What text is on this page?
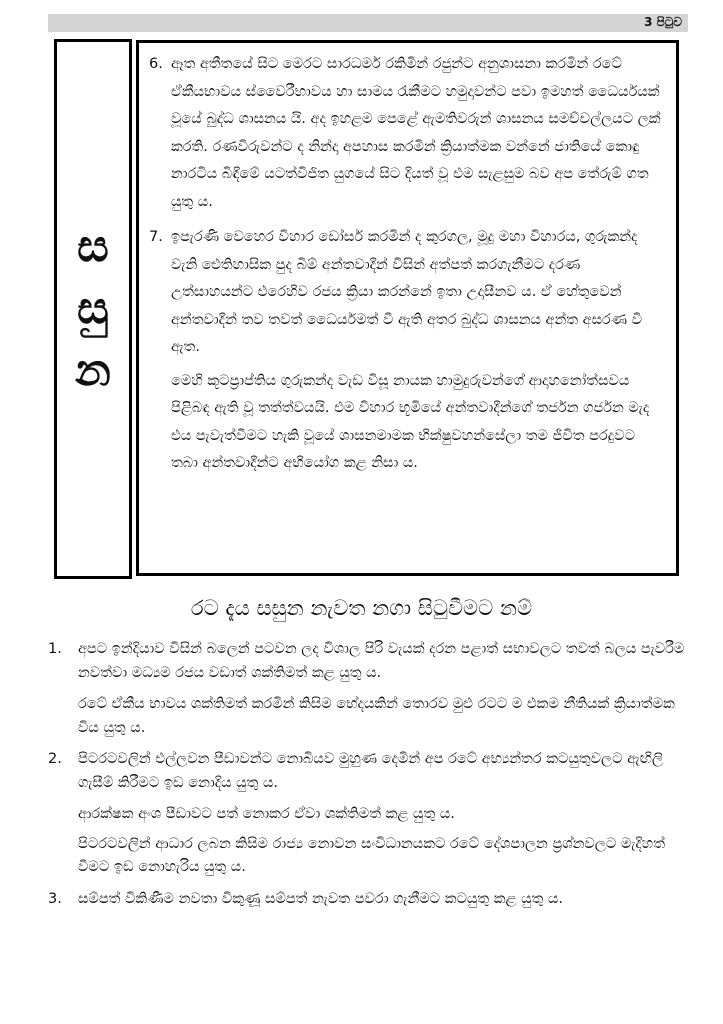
3 පිටුව
ස
සු
න
6. ඈත අතීතයේ සිට මෙරට සාරධර්ම රකිමින් රජුන්ට අනුශාසනා කරමින් රටේ ඒකීයභාවය ස්වෛරීභාවය හා සාමය රැකීමට හමුදාවන්ට පවා ඉමහත් ධෛර්යයක් වූයේ බුද්ධ ශාසනය යි. අද ඉහළම පෙළේ ඇමතිවරුන් ශාසනය සමච්චල්ලයට ලක් කරති. රණවිරුවන්ට ද නින්දා අපහාස කරමින් ක්‍රියාත්මක වන්නේ ජාතියේ කොඳු නාරටිය බිඳීමේ යටත්විජිත යුගයේ සිට දියත් වූ එම සැළසුම බව අප තේරුම් ගත යුතු ය.
7. ඉපැරණි වෙහෙර විහාර ඩෝසර් කරමින් ද කුරගල, මූදු මහා විහාරය, ගුරුකන්ද වැනි ඓතිහාසික පුද බිම් අන්තවාදීන් විසින් අත්පත් කරගැනීමට දරණ උත්සාහයන්ට එරෙහිව රජය ක්‍රියා කරන්නේ ඉතා උදාසීනව ය. ඒ හේතුවෙන් අන්තවාදීන් තව තවත් ධෛර්යමත් වී ඇති අතර බුද්ධ ශාසනය අන්ත අසරණ වී ඇත.
මෙහි කූටප්‍රාප්තිය ගුරුකන්ද වැඩ විසූ නායක හාමුදුරුවන්ගේ ආදාහනෝත්සවය පිළිබඳ ඇති වූ තත්ත්වයයි. එම විහාර භූමියේ අන්තවාදීන්ගේ තර්ජන ගර්ජන මැද එය පැවැත්වීමට හැකි වූයේ ශාසනමාමක භික්ෂුවහන්සේලා තම ජීවිත පරදුවට තබා අන්තවාදීන්ට අභියෝග කළ නිසා ය.
රට දැය සසුන නැවත නගා සිටුවීමට නම්
1.	අපට ඉන්දියාව විසින් බලෙන් පටවන ලද විශාල පිරි වැයක් දරන පළාත් සභාවලට තවත් බලය පැවරීම නවත්වා මධ්‍යම රජය වඩාත් ශක්තිමත් කළ යුතු ය.
රටේ ඒකීය භාවය ශක්තිමත් කරමින් කිසිම භේදයකින් තොරව මුළු රටට ම එකම නීතියක් ක්‍රියාත්මක විය යුතු ය.
2.	පිටරටවලින් එල්ලවන පීඩාවන්ට නොබියව මුහුණ දෙමින් අප රටේ අභ්‍යන්තර කටයුතුවලට ඇඟිලි ගැසීම් කිරීමට ඉඩ නොදිය යුතු ය.
ආරක්ෂක අංශ පීඩාවට පත් නොකර ඒවා ශක්තිමත් කළ යුතු ය.
පිටරටවලින් ආධාර ලබන කිසිම රාජ්‍ය නොවන සංවිධානයකට රටේ දේශපාලන ප්‍රශ්නවලට මැදිහත් වීමට ඉඩ නොහැරිය යුතු ය.
3.	සම්පත් විකිණීම නවතා විකුණූ සම්පත් නැවත පවරා ගැනීමට කටයුතු කළ යුතු ය.
